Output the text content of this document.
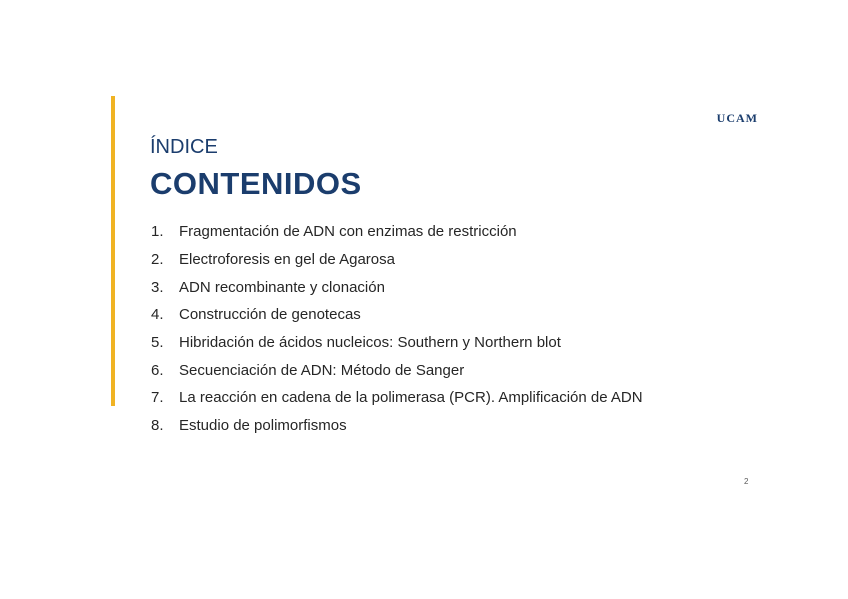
UCAM
ÍNDICE
CONTENIDOS
1.	Fragmentación de ADN con enzimas de restricción
2.	Electroforesis en gel de Agarosa
3.	ADN recombinante y clonación
4.	Construcción de genotecas
5.	Hibridación de ácidos nucleicos: Southern y Northern blot
6.	Secuenciación de ADN: Método de Sanger
7.	La reacción en cadena de la polimerasa (PCR). Amplificación de ADN
8.	Estudio de polimorfismos
2
